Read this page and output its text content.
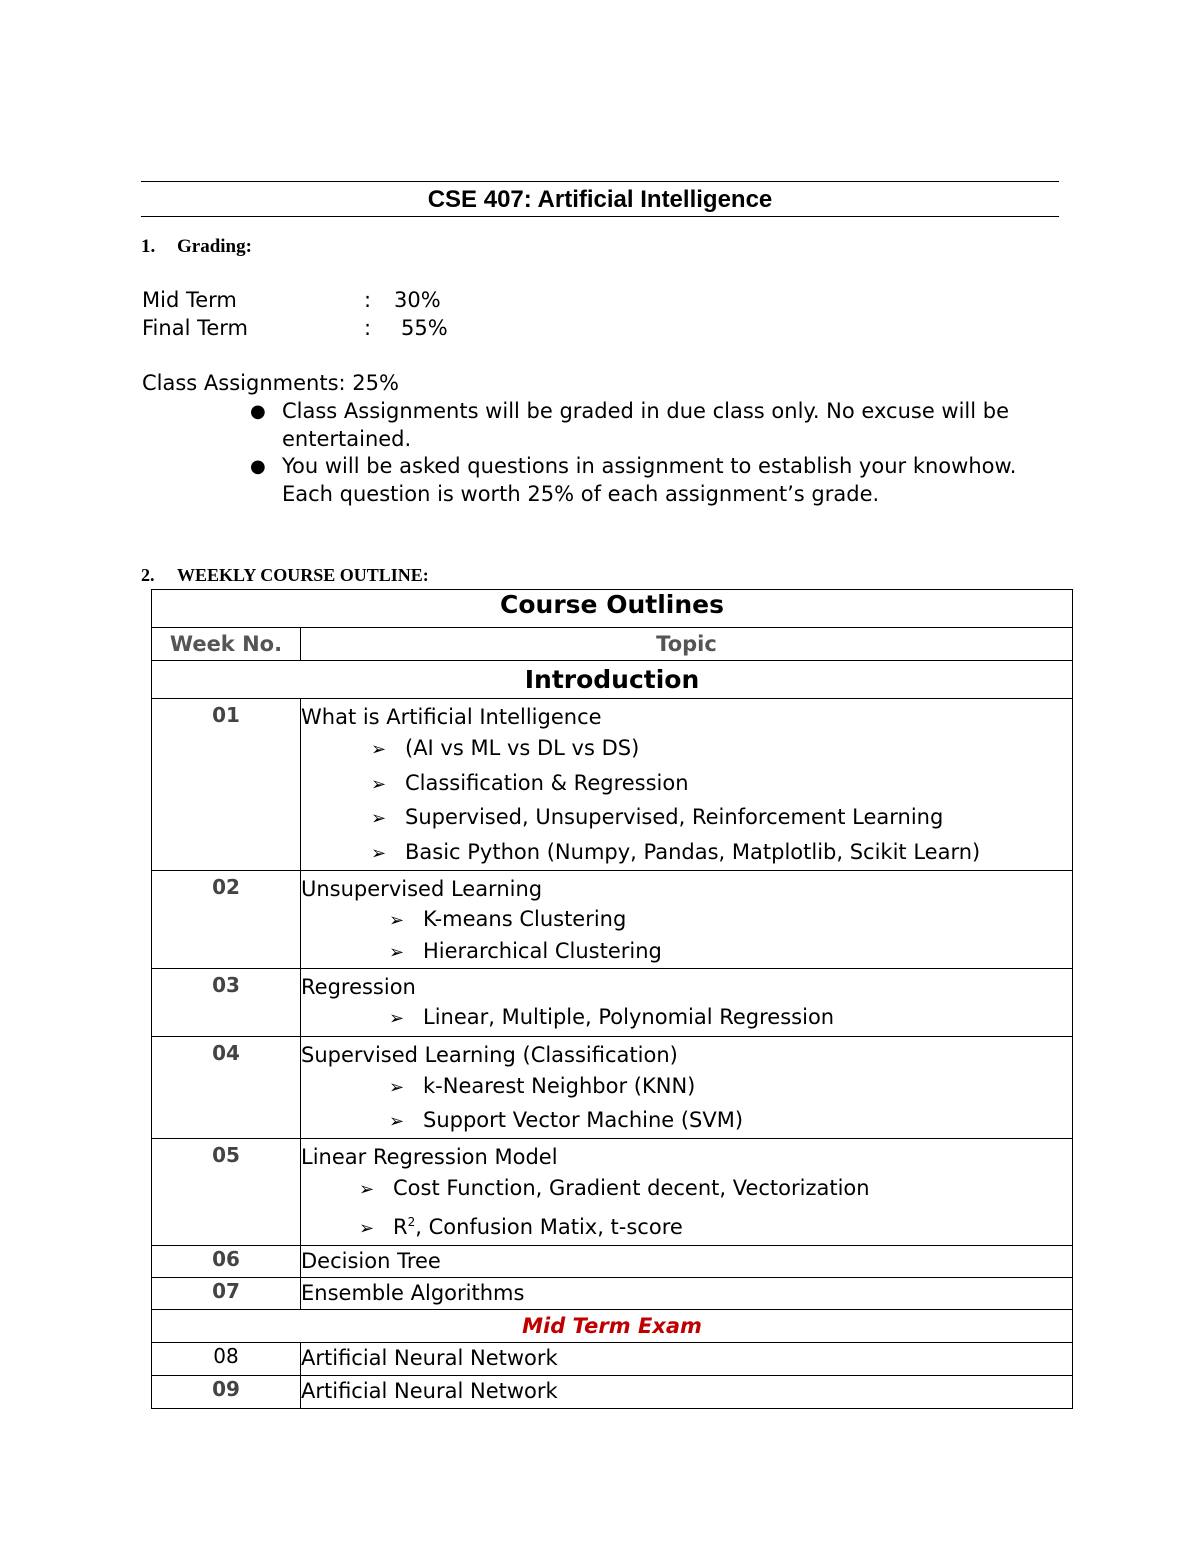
CSE 407: Artificial Intelligence
1. Grading:
Mid Term	: 30%
Final Term	: 55%
Class Assignments: 25%
● Class Assignments will be graded in due class only. No excuse will be entertained.
● You will be asked questions in assignment to establish your knowhow. Each question is worth 25% of each assignment’s grade.
2. WEEKLY COURSE OUTLINE:
Course Outlines	
Week No.	Topic
Introduction	
01	What is Artificial Intelligence
➢ (AI vs ML vs DL vs DS)
➢ Classification & Regression
➢ Supervised, Unsupervised, Reinforcement Learning
➢ Basic Python (Numpy, Pandas, Matplotlib, Scikit Learn)

02	Unsupervised Learning
➢ K-means Clustering
➢ Hierarchical Clustering

03	Regression
➢ Linear, Multiple, Polynomial Regression

04	Supervised Learning (Classification)
➢ k-Nearest Neighbor (KNN)
➢ Support Vector Machine (SVM)

05	Linear Regression Model
➢ Cost Function, Gradient decent, Vectorization
➢ $R^2$, Confusion Matix, t-score

06	Decision Tree

07	Ensemble Algorithms

Mid Term Exam	
08	Artificial Neural Network

09	Artificial Neural Network
